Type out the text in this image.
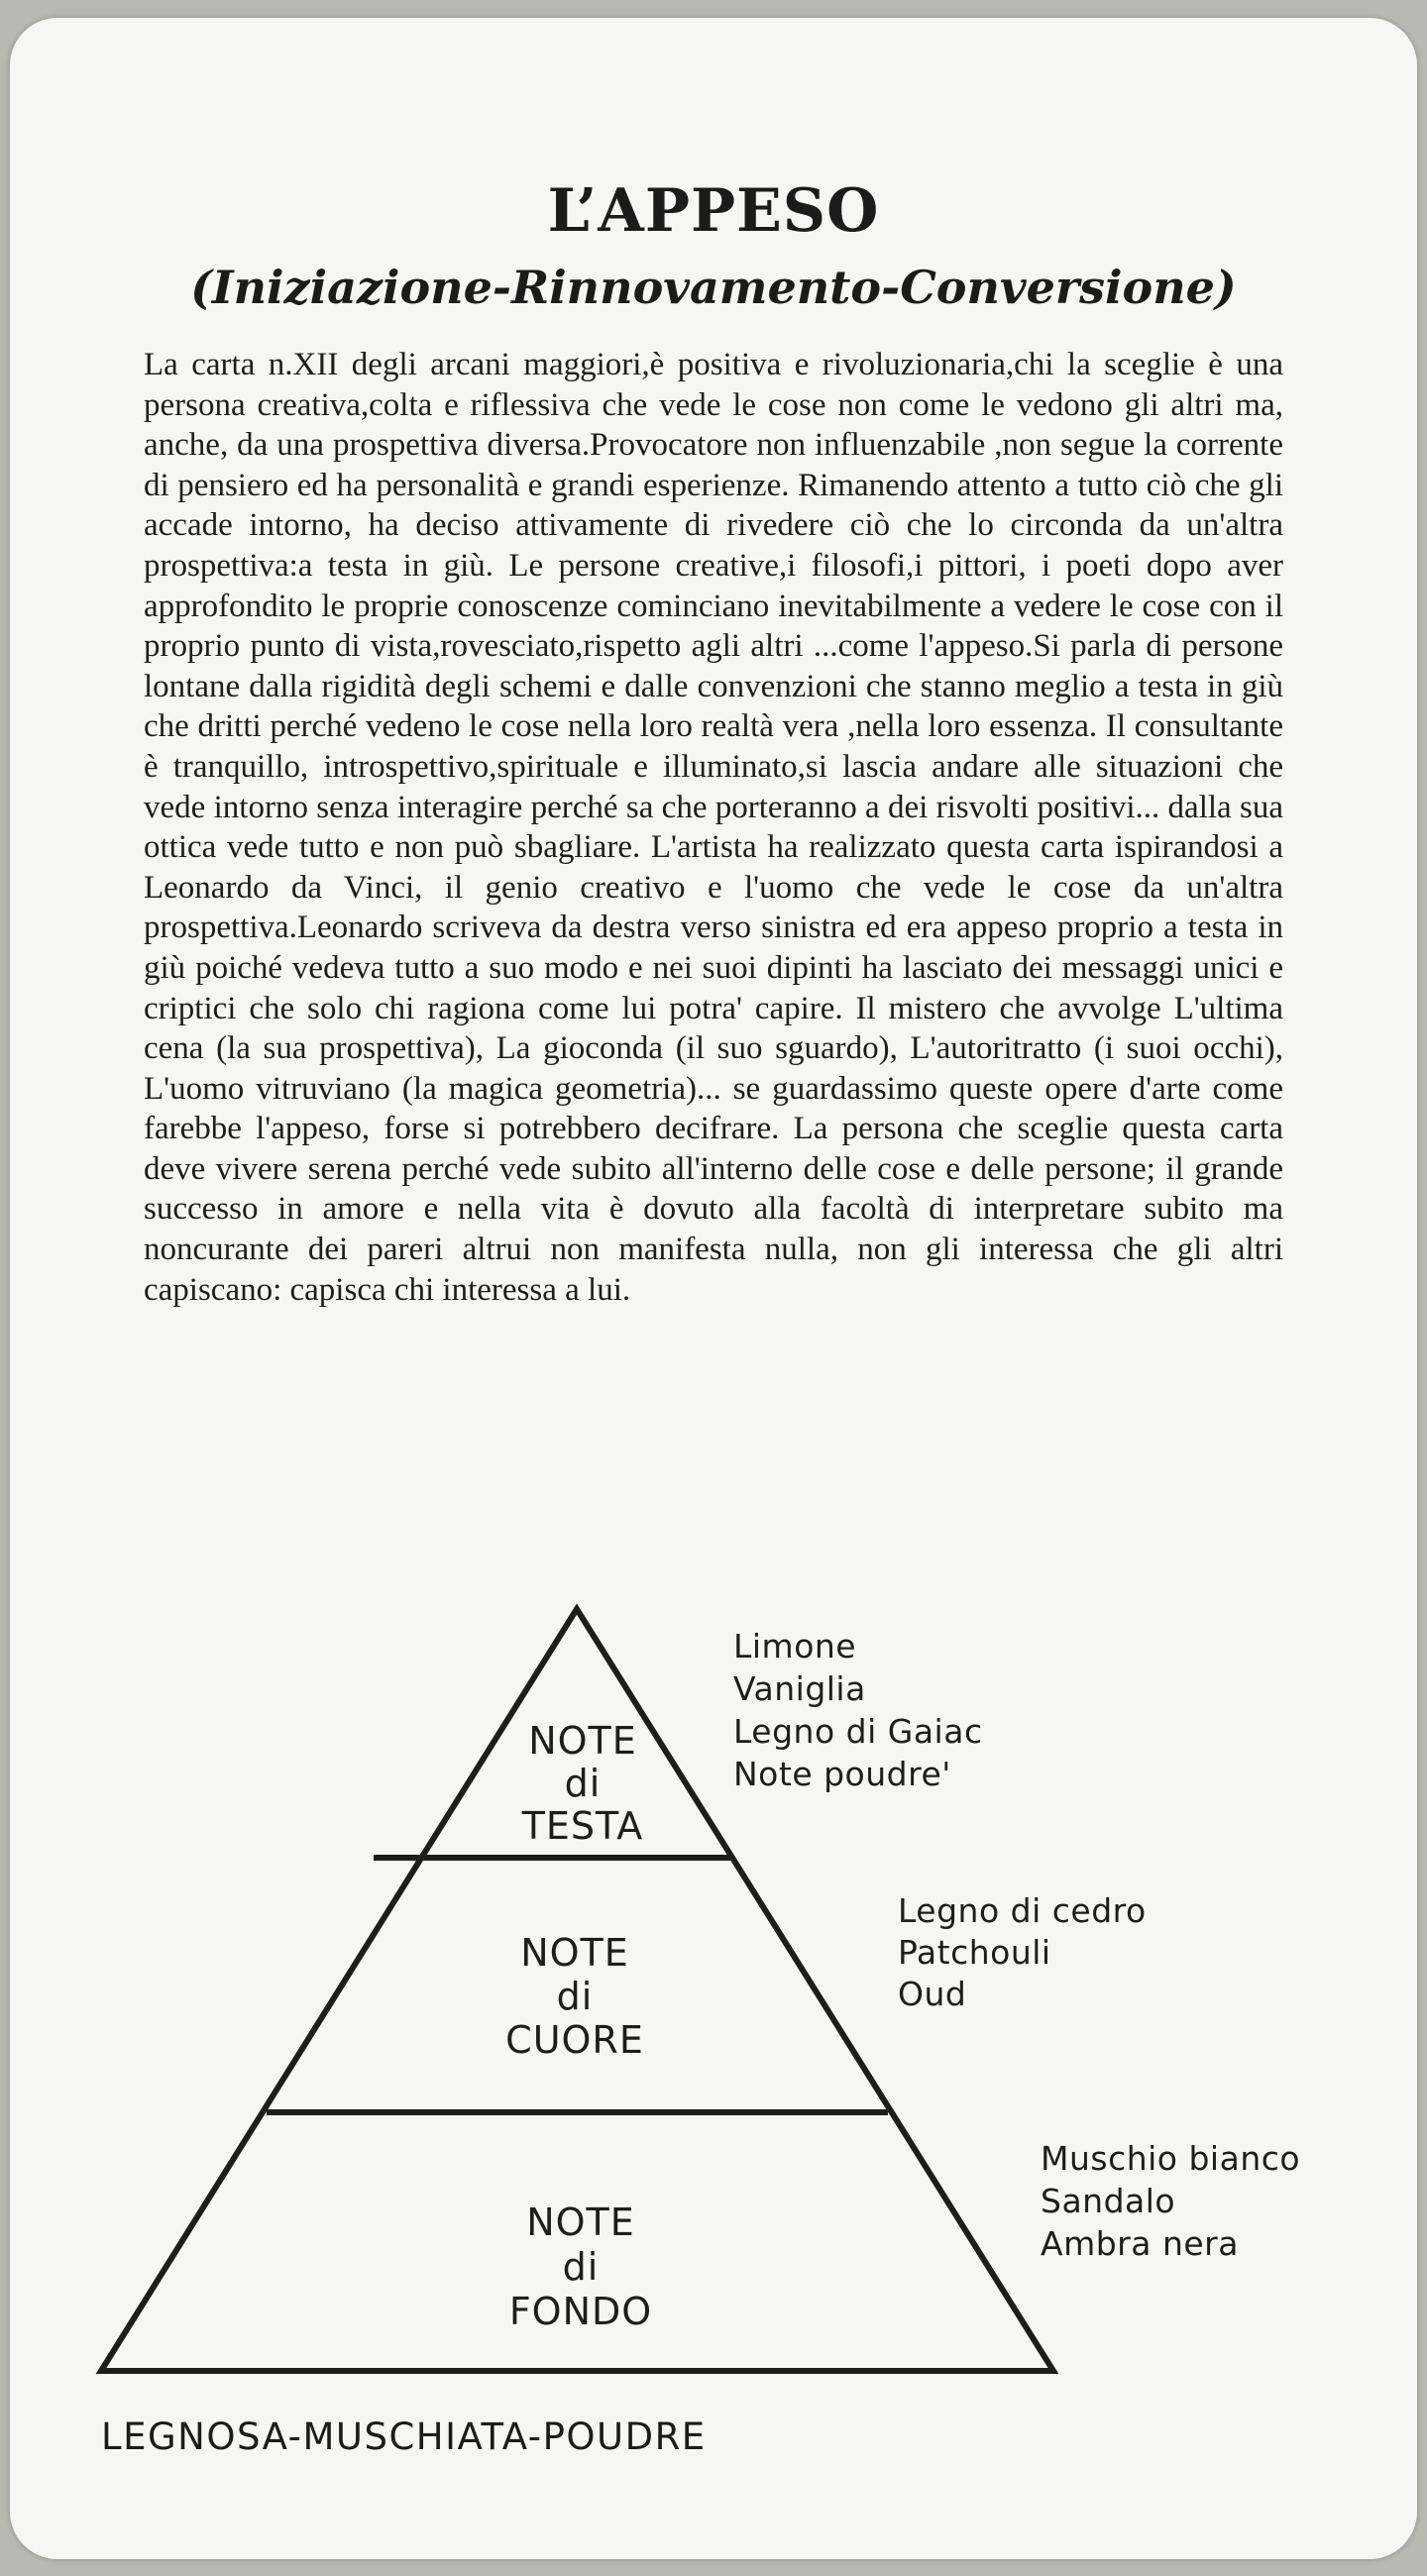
L’APPESO
(Iniziazione-Rinnovamento-Conversione)

La carta n.XII degli arcani maggiori,è positiva e rivoluzionaria,chi la sceglie è una persona creativa,colta e riflessiva che vede le cose non come le vedono gli altri ma, anche, da una prospettiva diversa.Provocatore non influenzabile ,non segue la corrente di pensiero ed ha personalità e grandi esperienze. Rimanendo attento a tutto ciò che gli accade intorno, ha deciso attivamente di rivedere ciò che lo circonda da un'altra prospettiva:a testa in giù. Le persone creative,i filosofi,i pittori, i poeti dopo aver approfondito le proprie conoscenze cominciano inevitabilmente a vedere le cose con il proprio punto di vista,rovesciato,rispetto agli altri ...come l'appeso.Si parla di persone lontane dalla rigidità degli schemi e dalle convenzioni che stanno meglio a testa in giù che dritti perché vedeno le cose nella loro realtà vera ,nella loro essenza. Il consultante è tranquillo, introspettivo,spirituale e illuminato,si lascia andare alle situazioni che vede intorno senza interagire perché sa che porteranno a dei risvolti positivi... dalla sua ottica vede tutto e non può sbagliare. L'artista ha realizzato questa carta ispirandosi a Leonardo da Vinci, il genio creativo e l'uomo che vede le cose da un'altra prospettiva.Leonardo scriveva da destra verso sinistra ed era appeso proprio a testa in giù poiché vedeva tutto a suo modo e nei suoi dipinti ha lasciato dei messaggi unici e criptici che solo chi ragiona come lui potra' capire. Il mistero che avvolge L'ultima cena (la sua prospettiva), La gioconda (il suo sguardo), L'autoritratto (i suoi occhi), L'uomo vitruviano (la magica geometria)... se guardassimo queste opere d'arte come farebbe l'appeso, forse si potrebbero decifrare. La persona che sceglie questa carta deve vivere serena perché vede subito all'interno delle cose e delle persone; il grande successo in amore e nella vita è dovuto alla facoltà di interpretare subito ma noncurante dei pareri altrui non manifesta nulla, non gli interessa che gli altri capiscano: capisca chi interessa a lui.

NOTE
di
TESTA
NOTE
di
CUORE
NOTE
di
FONDO
Limone
Vaniglia
Legno di Gaiac
Note poudre'
Legno di cedro
Patchouli
Oud
Muschio bianco
Sandalo
Ambra nera
LEGNOSA-MUSCHIATA-POUDRE
